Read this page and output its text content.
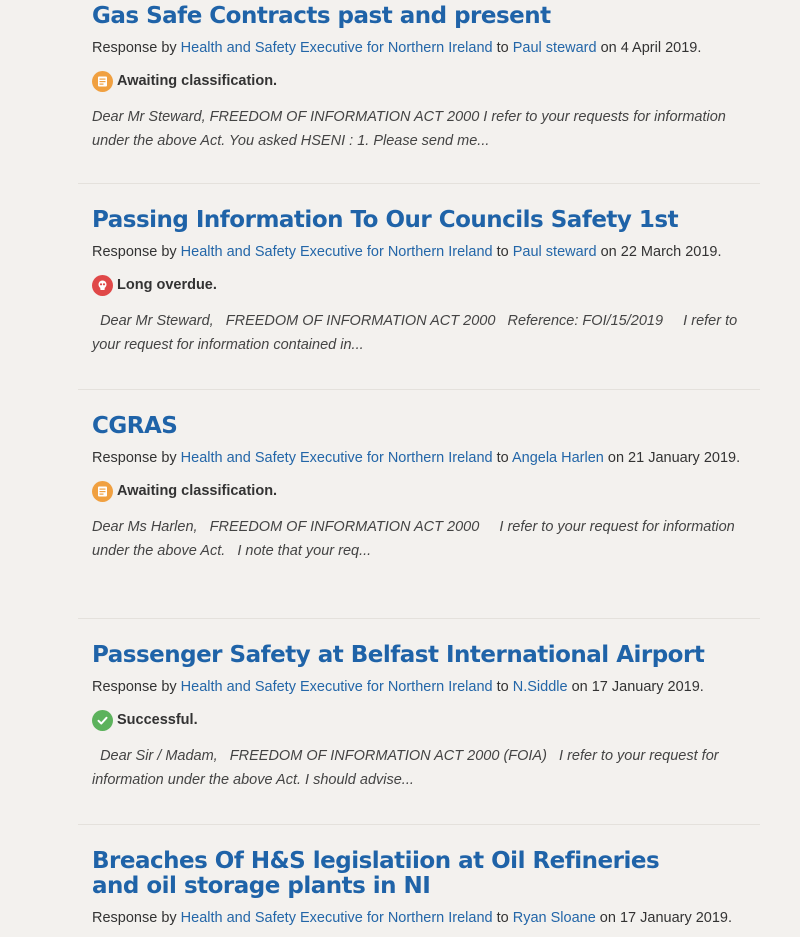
Gas Safe Contracts past and present
Response by Health and Safety Executive for Northern Ireland to Paul steward on 4 April 2019.
Awaiting classification.
Dear Mr Steward, FREEDOM OF INFORMATION ACT 2000 I refer to your requests for information under the above Act. You asked HSENI : 1. Please send me...
Passing Information To Our Councils Safety 1st
Response by Health and Safety Executive for Northern Ireland to Paul steward on 22 March 2019.
Long overdue.
Dear Mr Steward,   FREEDOM OF INFORMATION ACT 2000   Reference: FOI/15/2019     I refer to your request for information contained in...
CGRAS
Response by Health and Safety Executive for Northern Ireland to Angela Harlen on 21 January 2019.
Awaiting classification.
Dear Ms Harlen,   FREEDOM OF INFORMATION ACT 2000     I refer to your request for information under the above Act.   I note that your req...
Passenger Safety at Belfast International Airport
Response by Health and Safety Executive for Northern Ireland to N.Siddle on 17 January 2019.
Successful.
Dear Sir / Madam,   FREEDOM OF INFORMATION ACT 2000 (FOIA)   I refer to your request for information under the above Act. I should advise...
Breaches Of H&S legislatiion at Oil Refineries and oil storage plants in NI
Response by Health and Safety Executive for Northern Ireland to Ryan Sloane on 17 January 2019.
